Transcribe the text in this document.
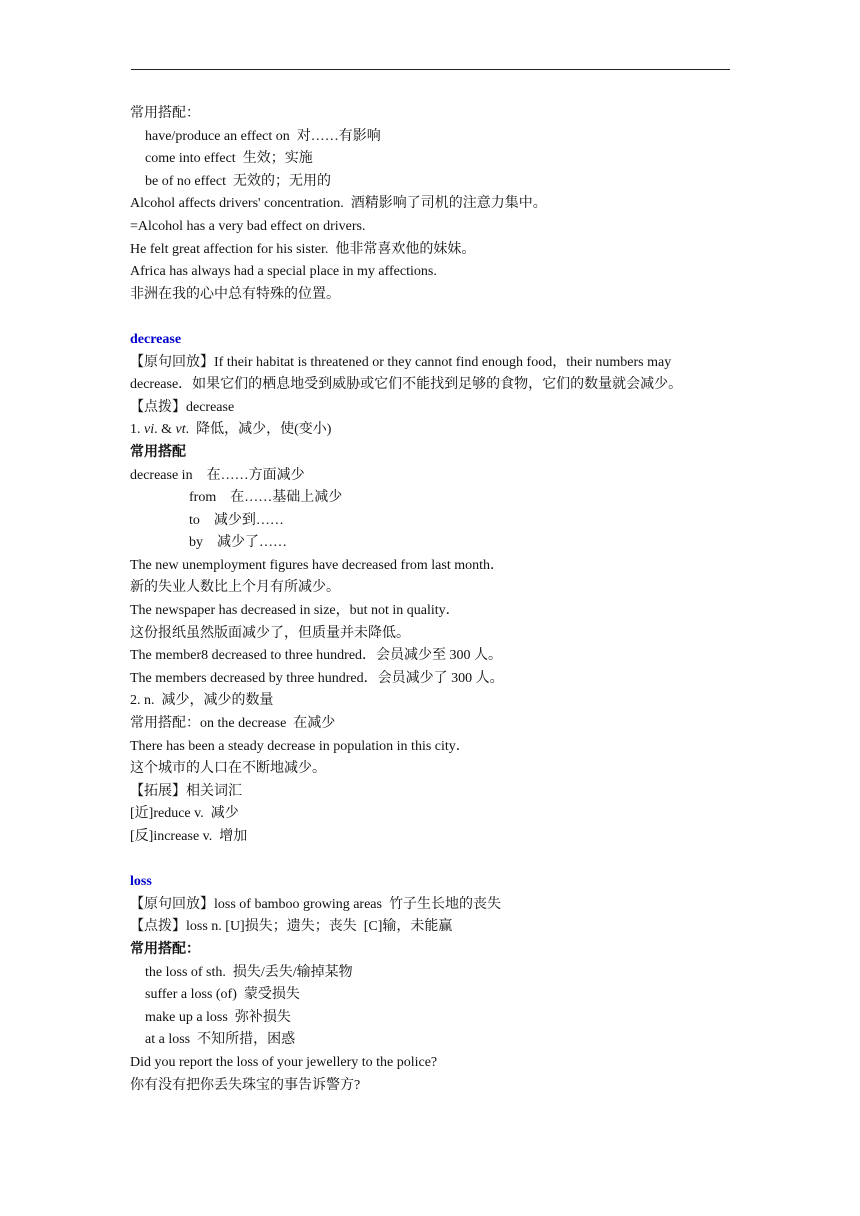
常用搭配：
have/produce an effect on  对……有影响
come into effect  生效；实施
be of no effect  无效的；无用的
Alcohol affects drivers' concentration.  酒精影响了司机的注意力集中。
=Alcohol has a very bad effect on drivers.
He felt great affection for his sister.  他非常喜欢他的妹妹。
Africa has always had a special place in my affections.
非洲在我的心中总有特殊的位置。
decrease
【原句回放】If their habitat is threatened or they cannot find enough food，their numbers may decrease．如果它们的栖息地受到威胁或它们不能找到足够的食物，它们的数量就会减少。
【点拨】decrease
1. vi. & vt.  降低，减少，使(变小)
常用搭配
decrease in    在……方面减少
from    在……基础上减少
to    减少到……
by    减少了……
The new unemployment figures have decreased from last month．
新的失业人数比上个月有所减少。
The newspaper has decreased in size，but not in quality．
这份报纸虽然版面减少了，但质量并未降低。
The member8 decreased to three hundred．会员减少至 300 人。
The members decreased by three hundred．会员减少了 300 人。
2. n.  减少，减少的数量
常用搭配：on the decrease  在减少
There has been a steady decrease in population in this city．
这个城市的人口在不断地减少。
【拓展】相关词汇
[近]reduce v.  减少
[反]increase v.  增加
loss
【原句回放】loss of bamboo growing areas  竹子生长地的丧失
【点拨】loss n. [U]损失；遗失；丧失  [C]输，未能赢
常用搭配：
the loss of sth.  损失/丢失/输掉某物
suffer a loss (of)  蒙受损失
make up a loss  弥补损失
at a loss  不知所措，困惑
Did you report the loss of your jewellery to the police?
你有没有把你丢失珠宝的事告诉警方?
